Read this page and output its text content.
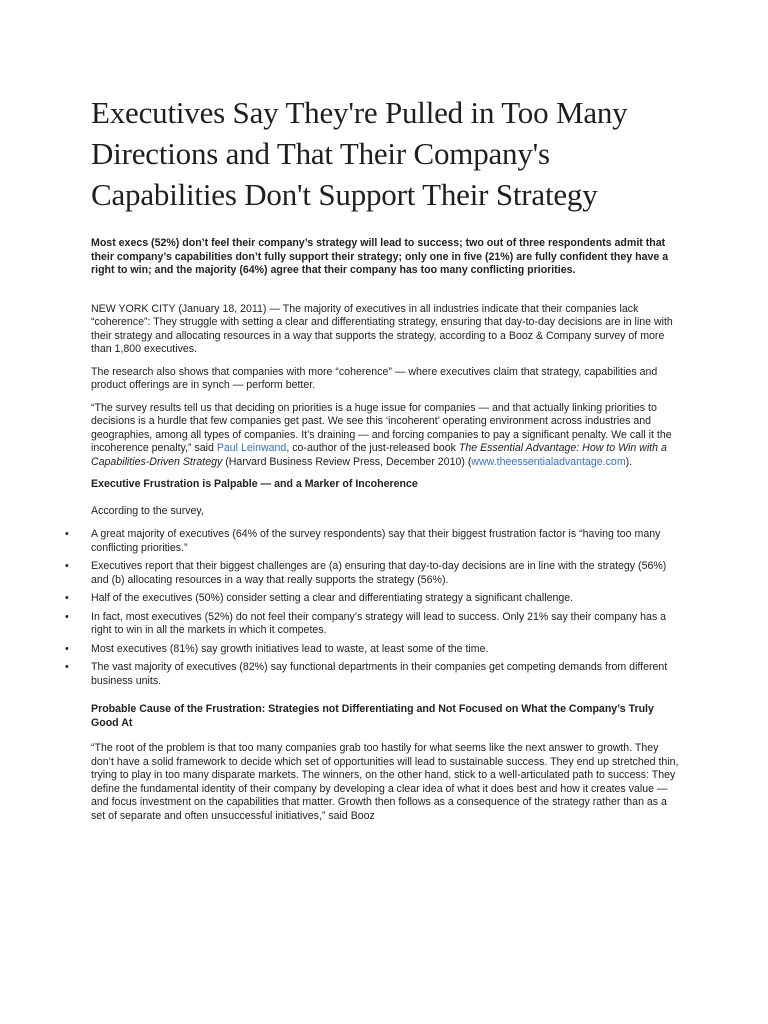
Executives Say They're Pulled in Too Many Directions and That Their Company's Capabilities Don't Support Their Strategy

Most execs (52%) don’t feel their company’s strategy will lead to success; two out of three respondents admit that their company’s capabilities don’t fully support their strategy; only one in five (21%) are fully confident they have a right to win; and the majority (64%) agree that their company has too many conflicting priorities.

NEW YORK CITY (January 18, 2011) — The majority of executives in all industries indicate that their companies lack “coherence”: They struggle with setting a clear and differentiating strategy, ensuring that day-to-day decisions are in line with their strategy and allocating resources in a way that supports the strategy, according to a Booz & Company survey of more than 1,800 executives.

The research also shows that companies with more “coherence” — where executives claim that strategy, capabilities and product offerings are in synch — perform better.

“The survey results tell us that deciding on priorities is a huge issue for companies — and that actually linking priorities to decisions is a hurdle that few companies get past. We see this ‘incoherent’ operating environment across industries and geographies, among all types of companies. It’s draining — and forcing companies to pay a significant penalty. We call it the incoherence penalty,” said Paul Leinwand, co-author of the just-released book The Essential Advantage: How to Win with a Capabilities-Driven Strategy (Harvard Business Review Press, December 2010) (www.theessentialadvantage.com).

Executive Frustration is Palpable — and a Marker of Incoherence

According to the survey,

• A great majority of executives (64% of the survey respondents) say that their biggest frustration factor is “having too many conflicting priorities.”
• Executives report that their biggest challenges are (a) ensuring that day-to-day decisions are in line with the strategy (56%) and (b) allocating resources in a way that really supports the strategy (56%).
• Half of the executives (50%) consider setting a clear and differentiating strategy a significant challenge.
• In fact, most executives (52%) do not feel their company’s strategy will lead to success. Only 21% say their company has a right to win in all the markets in which it competes.
• Most executives (81%) say growth initiatives lead to waste, at least some of the time.
• The vast majority of executives (82%) say functional departments in their companies get competing demands from different business units.

Probable Cause of the Frustration: Strategies not Differentiating and Not Focused on What the Company’s Truly Good At

“The root of the problem is that too many companies grab too hastily for what seems like the next answer to growth. They don’t have a solid framework to decide which set of opportunities will lead to sustainable success. They end up stretched thin, trying to play in too many disparate markets. The winners, on the other hand, stick to a well-articulated path to success: They define the fundamental identity of their company by developing a clear idea of what it does best and how it creates value — and focus investment on the capabilities that matter. Growth then follows as a consequence of the strategy rather than as a set of separate and often unsuccessful initiatives,” said Booz
